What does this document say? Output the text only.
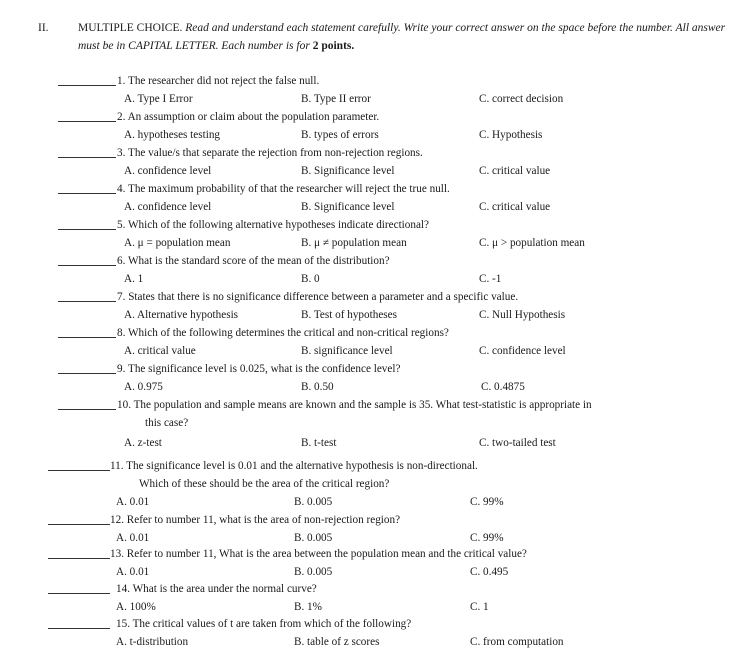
II.	MULTIPLE CHOICE. Read and understand each statement carefully. Write your correct answer on the space before the number. All answer must be in CAPITAL LETTER. Each number is for 2 points.
1. The researcher did not reject the false null.
A. Type I Error	B. Type II error	C. correct decision
2. An assumption or claim about the population parameter.
A. hypotheses testing	B. types of errors	C. Hypothesis
3. The value/s that separate the rejection from non-rejection regions.
A. confidence level	B. Significance level	C. critical value
4. The maximum probability of that the researcher will reject the true null.
A. confidence level	B. Significance level	C. critical value
5. Which of the following alternative hypotheses indicate directional?
A. μ = population mean	B. μ ≠ population mean	C. μ > population mean
6. What is the standard score of the mean of the distribution?
A. 1	B. 0	C. -1
7. States that there is no significance difference between a parameter and a specific value.
A. Alternative hypothesis	B. Test of hypotheses	C. Null Hypothesis
8. Which of the following determines the critical and non-critical regions?
A. critical value	B. significance level	C. confidence level
9. The significance level is 0.025, what is the confidence level?
A. 0.975	B. 0.50	C. 0.4875
10. The population and sample means are known and the sample is 35. What test-statistic is appropriate in
this case?
A. z-test	B. t-test	C. two-tailed test
11. The significance level is 0.01 and the alternative hypothesis is non-directional.
Which of these should be the area of the critical region?
A. 0.01	B. 0.005	C. 99%
12. Refer to number 11, what is the area of non-rejection region?
A. 0.01	B. 0.005	C. 99%
13. Refer to number 11, What is the area between the population mean and the critical value?
A. 0.01	B. 0.005	C. 0.495
14. What is the area under the normal curve?
A. 100%	B. 1%	C. 1
15. The critical values of t are taken from which of the following?
A. t-distribution	B. table of z scores	C. from computation
